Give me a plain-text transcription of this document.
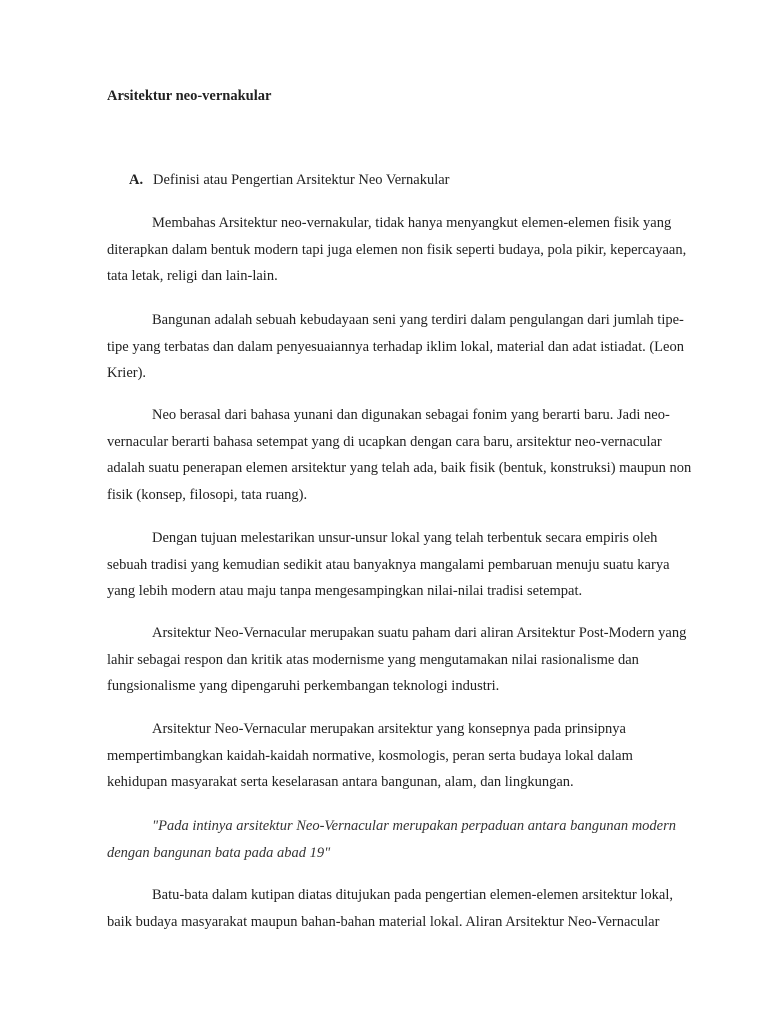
Arsitektur neo-vernakular
A. Definisi atau Pengertian Arsitektur Neo Vernakular

Membahas Arsitektur neo-vernakular, tidak hanya menyangkut elemen-elemen fisik yang
diterapkan dalam bentuk modern tapi juga elemen non fisik seperti budaya, pola pikir, kepercayaan,
tata letak, religi dan lain-lain.

Bangunan adalah sebuah kebudayaan seni yang terdiri dalam pengulangan dari jumlah tipe-
tipe yang terbatas dan dalam penyesuaiannya terhadap iklim lokal, material dan adat istiadat. (Leon
Krier).

Neo berasal dari bahasa yunani dan digunakan sebagai fonim yang berarti baru. Jadi neo-
vernacular berarti bahasa setempat yang di ucapkan dengan cara baru, arsitektur neo-vernacular
adalah suatu penerapan elemen arsitektur yang telah ada, baik fisik (bentuk, konstruksi) maupun non
fisik (konsep, filosopi, tata ruang).

Dengan tujuan melestarikan unsur-unsur lokal yang telah terbentuk secara empiris oleh
sebuah tradisi yang kemudian sedikit atau banyaknya mangalami pembaruan menuju suatu karya
yang lebih modern atau maju tanpa mengesampingkan nilai-nilai tradisi setempat.

Arsitektur Neo-Vernacular merupakan suatu paham dari aliran Arsitektur Post-Modern yang
lahir sebagai respon dan kritik atas modernisme yang mengutamakan nilai rasionalisme dan
fungsionalisme yang dipengaruhi perkembangan teknologi industri.

Arsitektur Neo-Vernacular merupakan arsitektur yang konsepnya pada prinsipnya
mempertimbangkan kaidah-kaidah normative, kosmologis, peran serta budaya lokal dalam
kehidupan masyarakat serta keselarasan antara bangunan, alam, dan lingkungan.

"Pada intinya arsitektur Neo-Vernacular merupakan perpaduan antara bangunan modern
dengan bangunan bata pada abad 19"

Batu-bata dalam kutipan diatas ditujukan pada pengertian elemen-elemen arsitektur lokal,
baik budaya masyarakat maupun bahan-bahan material lokal. Aliran Arsitektur Neo-Vernacular
